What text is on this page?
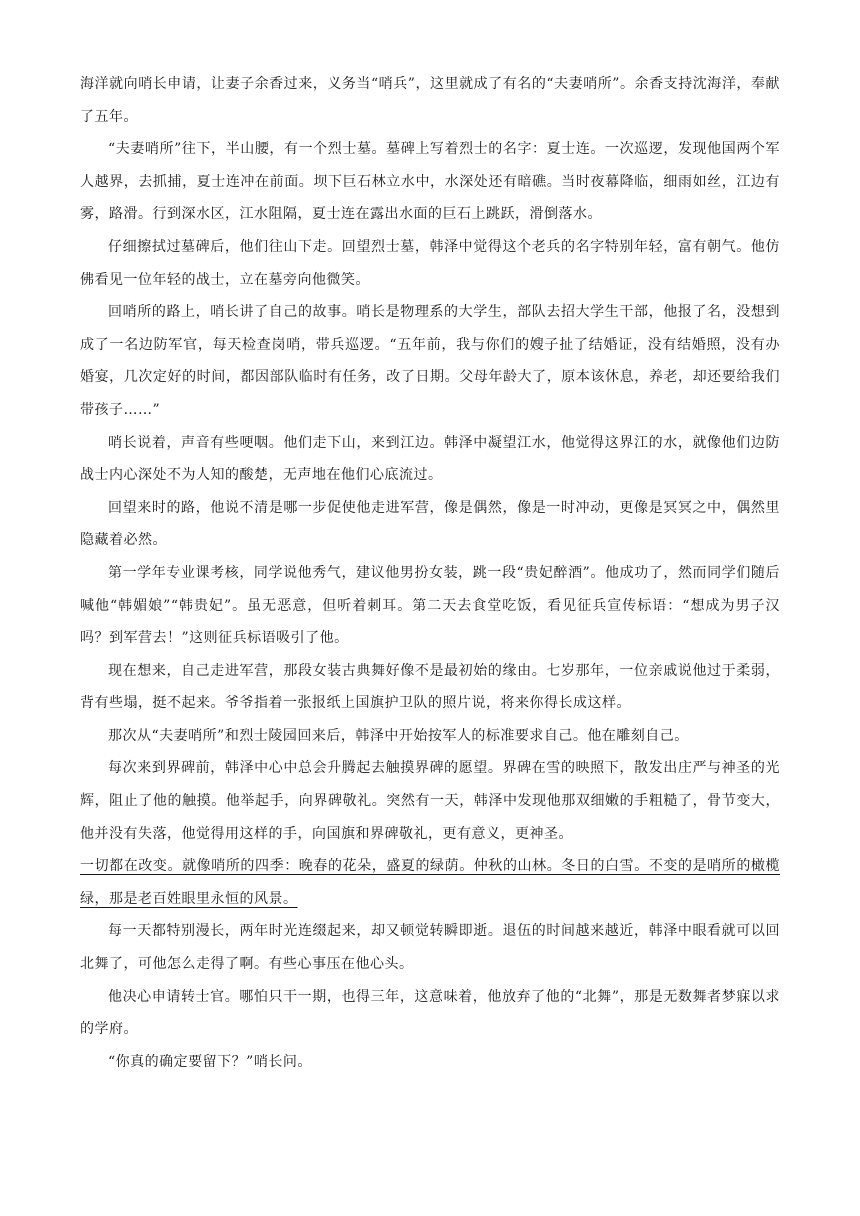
海洋就向哨长申请，让妻子余香过来，义务当“哨兵”，这里就成了有名的“夫妻哨所”。余香支持沈海洋，奉献了五年。

“夫妻哨所”往下，半山腰，有一个烈士墓。墓碑上写着烈士的名字：夏士连。一次巡逻，发现他国两个军人越界，去抓捕，夏士连冲在前面。坝下巨石林立水中，水深处还有暗礁。当时夜幕降临，细雨如丝，江边有雾，路滑。行到深水区，江水阻隔，夏士连在露出水面的巨石上跳跃，滑倒落水。

仔细擦拭过墓碑后，他们往山下走。回望烈士墓，韩泽中觉得这个老兵的名字特别年轻，富有朝气。他仿佛看见一位年轻的战士，立在墓旁向他微笑。

回哨所的路上，哨长讲了自己的故事。哨长是物理系的大学生，部队去招大学生干部，他报了名，没想到成了一名边防军官，每天检查岗哨，带兵巡逻。“五年前，我与你们的嫂子扯了结婚证，没有结婚照，没有办婚宴，几次定好的时间，都因部队临时有任务，改了日期。父母年龄大了，原本该休息，养老，却还要给我们带孩子……”

哨长说着，声音有些哽咽。他们走下山，来到江边。韩泽中凝望江水，他觉得这界江的水，就像他们边防战士内心深处不为人知的酸楚，无声地在他们心底流过。

回望来时的路，他说不清是哪一步促使他走进军营，像是偶然，像是一时冲动，更像是冥冥之中，偶然里隐藏着必然。

第一学年专业课考核，同学说他秀气，建议他男扮女装，跳一段“贵妃醉酒”。他成功了，然而同学们随后喊他“韩媚娘”“韩贵妃”。虽无恶意，但听着刺耳。第二天去食堂吃饭，看见征兵宣传标语：“想成为男子汉吗？到军营去！”这则征兵标语吸引了他。

现在想来，自己走进军营，那段女装古典舞好像不是最初始的缘由。七岁那年，一位亲戚说他过于柔弱，背有些塌，挺不起来。爷爷指着一张报纸上国旗护卫队的照片说，将来你得长成这样。

那次从“夫妻哨所”和烈士陵园回来后，韩泽中开始按军人的标准要求自己。他在雕刻自己。

每次来到界碑前，韩泽中心中总会升腾起去触摸界碑的愿望。界碑在雪的映照下，散发出庄严与神圣的光辉，阻止了他的触摸。他举起手，向界碑敬礼。突然有一天，韩泽中发现他那双细嫩的手粗糙了，骨节变大，他并没有失落，他觉得用这样的手，向国旗和界碑敬礼，更有意义，更神圣。

一切都在改变。就像哨所的四季：晚春的花朵，盛夏的绿荫。仲秋的山林。冬日的白雪。不变的是哨所的橄榄绿，那是老百姓眼里永恒的风景。

每一天都特别漫长，两年时光连缀起来，却又顿觉转瞬即逝。退伍的时间越来越近，韩泽中眼看就可以回北舞了，可他怎么走得了啊。有些心事压在他心头。

他决心申请转士官。哪怕只干一期，也得三年，这意味着，他放弃了他的“北舞”，那是无数舞者梦寐以求的学府。

“你真的确定要留下？”哨长问。
